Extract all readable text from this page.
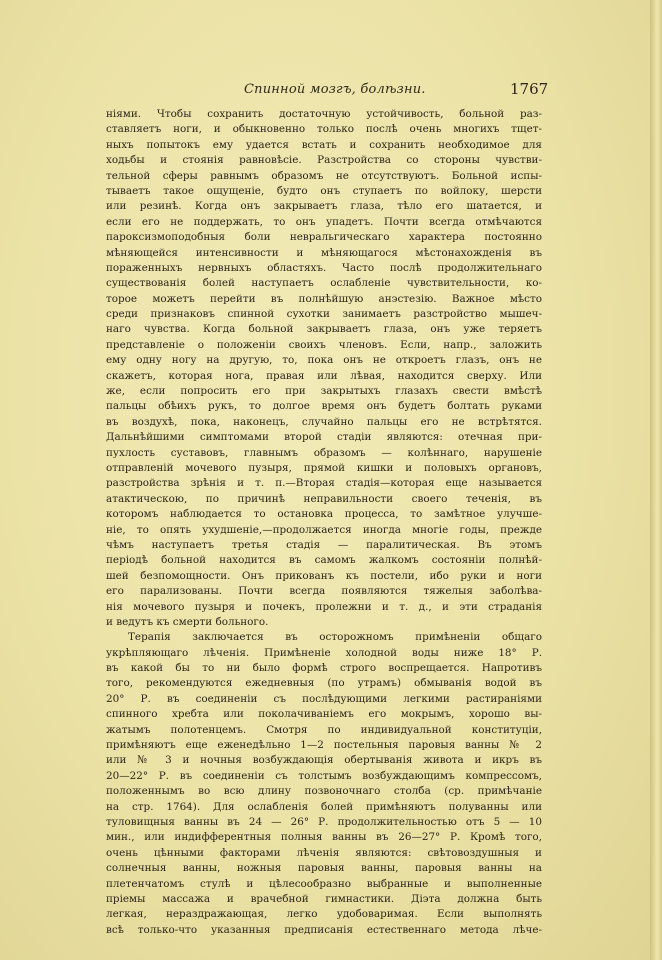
Спинной мозгъ, болѣзни.	1767
ніями. Чтобы сохранить достаточную устойчивость, больной раз-
ставляетъ ноги, и обыкновенно только послѣ очень многихъ тщет-
ныхъ попытокъ ему удается встать и сохранить необходимое для
ходьбы и стоянія равновѣсіе. Разстройства со стороны чувстви-
тельной сферы равнымъ образомъ не отсутствуютъ. Больной испы-
тываетъ такое ощущеніе, будто онъ ступаетъ по войлоку, шерсти
или резинѣ. Когда онъ закрываетъ глаза, тѣло его шатается, и
если его не поддержать, то онъ упадетъ. Почти всегда отмѣчаются
пароксизмоподобныя боли невральгическаго характера постоянно
мѣняющейся интенсивности и мѣняющагося мѣстонахожденія въ
пораженныхъ нервныхъ областяхъ. Часто послѣ продолжительнаго
существованія болей наступаетъ ослабленіе чувствительности, ко-
торое можетъ перейти въ полнѣйшую анэстезію. Важное мѣсто
среди признаковъ спинной сухотки занимаетъ разстройство мышеч-
наго чувства. Когда больной закрываетъ глаза, онъ уже теряетъ
представленіе о положеніи своихъ членовъ. Если, напр., заложить
ему одну ногу на другую, то, пока онъ не откроетъ глазъ, онъ не
скажетъ, которая нога, правая или лѣвая, находится сверху. Или
же, если попросить его при закрытыхъ глазахъ свести вмѣстѣ
пальцы обѣихъ рукъ, то долгое время онъ будетъ болтать руками
въ воздухѣ, пока, наконецъ, случайно пальцы его не встрѣтятся.
Дальнѣйшими симптомами второй стадіи являются: отечная при-
пухлость суставовъ, главнымъ образомъ — колѣннаго, нарушеніе
отправленій мочевого пузыря, прямой кишки и половыхъ органовъ,
разстройства зрѣнія и т. п.—Вторая стадія—которая еще называется
атактическою, по причинѣ неправильности своего теченія, въ
которомъ наблюдается то остановка процесса, то замѣтное улучше-
ніе, то опять ухудшеніе,—продолжается иногда многіе годы, прежде
чѣмъ наступаетъ третья стадія — паралитическая. Въ этомъ
періодѣ больной находится въ самомъ жалкомъ состояніи полнѣй-
шей безпомощности. Онъ прикованъ къ постели, ибо руки и ноги
его парализованы. Почти всегда появляются тяжелыя заболѣва-
нія мочевого пузыря и почекъ, пролежни и т. д., и эти страданія
и ведутъ къ смерти больного.
Терапія заключается въ осторожномъ примѣненіи общаго
укрѣпляющаго лѣченія. Примѣненіе холодной воды ниже 18° Р.
въ какой бы то ни было формѣ строго воспрещается. Напротивъ
того, рекомендуются ежедневныя (по утрамъ) обмыванія водой въ
20° Р. въ соединеніи съ послѣдующими легкими растираніями
спинного хребта или поколачиваніемъ его мокрымъ, хорошо вы-
жатымъ полотенцемъ. Смотря по индивидуальной конституціи,
примѣняютъ еще еженедѣльно 1—2 постельныя паровыя ванны № 2
или № 3 и ночныя возбуждающія обертыванія живота и икръ въ
20—22° Р. въ соединеніи съ толстымъ возбуждающимъ компрессомъ,
положеннымъ во всю длину позвоночнаго столба (ср. примѣчаніе
на стр. 1764). Для ослабленія болей примѣняютъ полуванны или
туловищныя ванны въ 24 — 26° Р. продолжительностью отъ 5 — 10
мин., или индифферентныя полныя ванны въ 26—27° Р. Кромѣ того,
очень цѣнными факторами лѣченія являются: свѣтовоздушныя и
солнечныя ванны, ножныя паровыя ванны, паровыя ванны на
плетенчатомъ стулѣ и цѣлесообразно выбранные и выполненные
пріемы массажа и врачебной гимнастики. Діэта должна быть
легкая, нераздражающая, легко удобоваримая. Если выполнять
всѣ только-что указанныя предписанія естественнаго метода лѣче-
